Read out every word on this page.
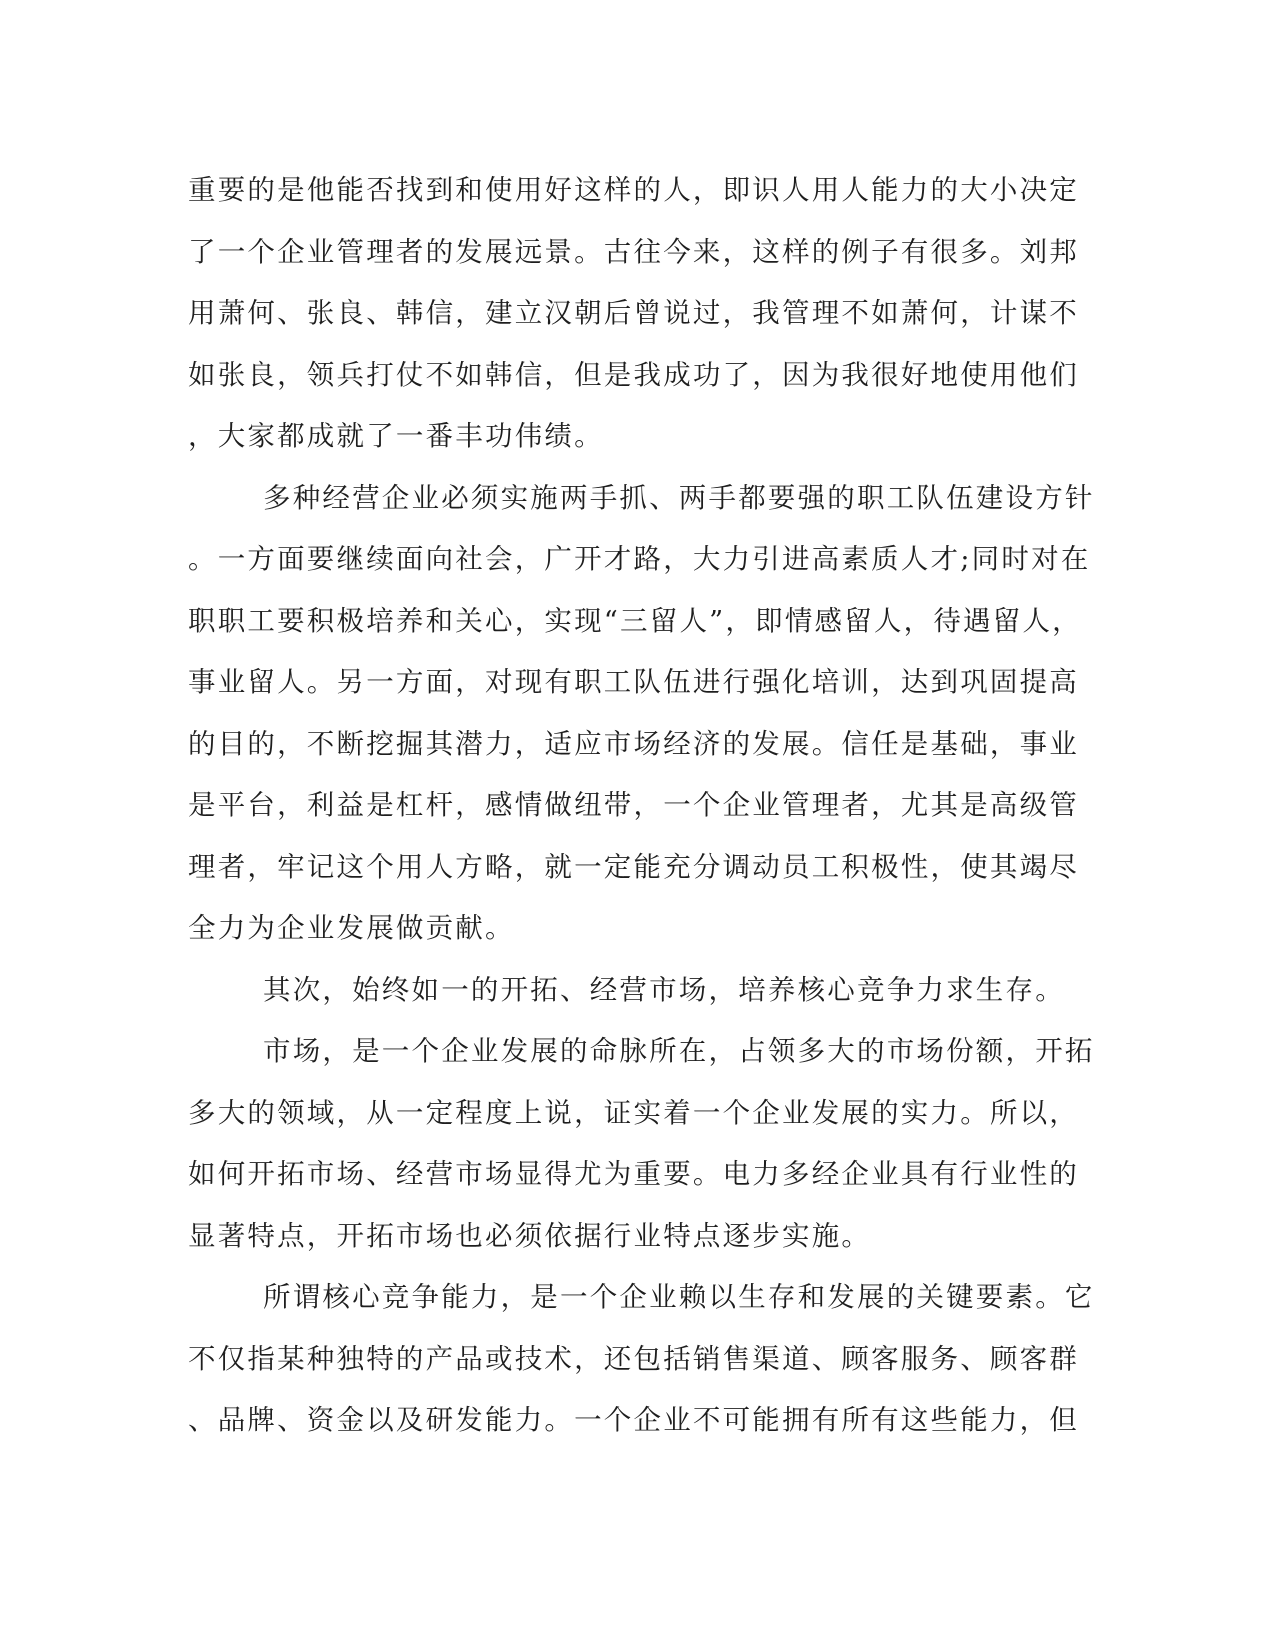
重要的是他能否找到和使用好这样的人，即识人用人能力的大小决定
了一个企业管理者的发展远景。古往今来，这样的例子有很多。刘邦
用萧何、张良、韩信，建立汉朝后曾说过，我管理不如萧何，计谋不
如张良，领兵打仗不如韩信，但是我成功了，因为我很好地使用他们
，大家都成就了一番丰功伟绩。
多种经营企业必须实施两手抓、两手都要强的职工队伍建设方针
。一方面要继续面向社会，广开才路，大力引进高素质人才;同时对在
职职工要积极培养和关心，实现“三留人”，即情感留人，待遇留人，
事业留人。另一方面，对现有职工队伍进行强化培训，达到巩固提高
的目的，不断挖掘其潜力，适应市场经济的发展。信任是基础，事业
是平台，利益是杠杆，感情做纽带，一个企业管理者，尤其是高级管
理者，牢记这个用人方略，就一定能充分调动员工积极性，使其竭尽
全力为企业发展做贡献。
其次，始终如一的开拓、经营市场，培养核心竞争力求生存。
市场，是一个企业发展的命脉所在，占领多大的市场份额，开拓
多大的领域，从一定程度上说，证实着一个企业发展的实力。所以，
如何开拓市场、经营市场显得尤为重要。电力多经企业具有行业性的
显著特点，开拓市场也必须依据行业特点逐步实施。
所谓核心竞争能力，是一个企业赖以生存和发展的关键要素。它
不仅指某种独特的产品或技术，还包括销售渠道、顾客服务、顾客群
、品牌、资金以及研发能力。一个企业不可能拥有所有这些能力，但
